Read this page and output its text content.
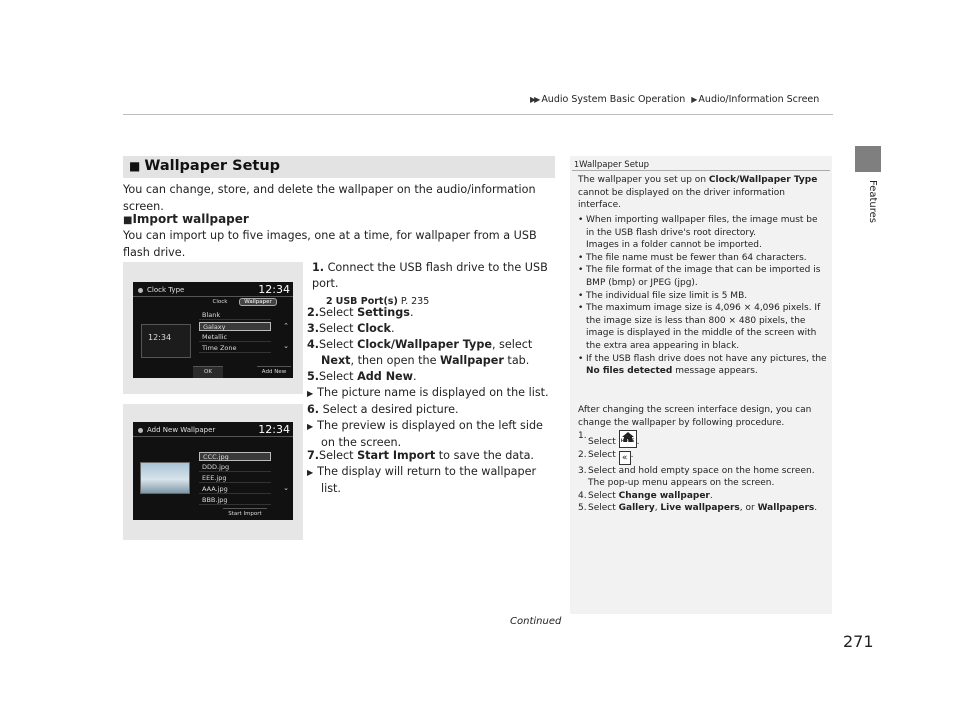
▶▶ Audio System Basic Operation ▶ Audio/Information Screen
Features
■ Wallpaper Setup
You can change, store, and delete the wallpaper on the audio/information screen.
■Import wallpaper
You can import up to five images, one at a time, for wallpaper from a USB flash drive.
Clock Type	12:34
Clock	Wallpaper
12:34
Blank
Galaxy
Metallic
Time Zone
⌃
⌄
OK	Add New
Add New Wallpaper	12:34
CCC.jpg
DDD.jpg
EEE.jpg
AAA.jpg
BBB.jpg
⌄
Start Import
1. Connect the USB flash drive to the USB port.
2 USB Port(s) P. 235
2.Select Settings.
3.Select Clock.
4.Select Clock/Wallpaper Type, select
Next, then open the Wallpaper tab.
5.Select Add New.
▶ The picture name is displayed on the list.
6. Select a desired picture.
▶ The preview is displayed on the left side on the screen.
7.Select Start Import to save the data.
▶ The display will return to the wallpaper list.
1Wallpaper Setup
The wallpaper you set up on Clock/Wallpaper Type cannot be displayed on the driver information interface.
• When importing wallpaper files, the image must be in the USB flash drive's root directory.
Images in a folder cannot be imported.
• The file name must be fewer than 64 characters.
• The file format of the image that can be imported is BMP (bmp) or JPEG (jpg).
• The individual file size limit is 5 MB.
• The maximum image size is 4,096 × 4,096 pixels. If the image size is less than 800 × 480 pixels, the image is displayed in the middle of the screen with the extra area appearing in black.
• If the USB flash drive does not have any pictures, the No files detected message appears.
After changing the screen interface design, you can change the wallpaper by following procedure.
1.
Select	HOME .
2. Select « .
3. Select and hold empty space on the home screen.
The pop-up menu appears on the screen.
4. Select Change wallpaper.
5. Select Gallery, Live wallpapers, or Wallpapers.
Continued
271
